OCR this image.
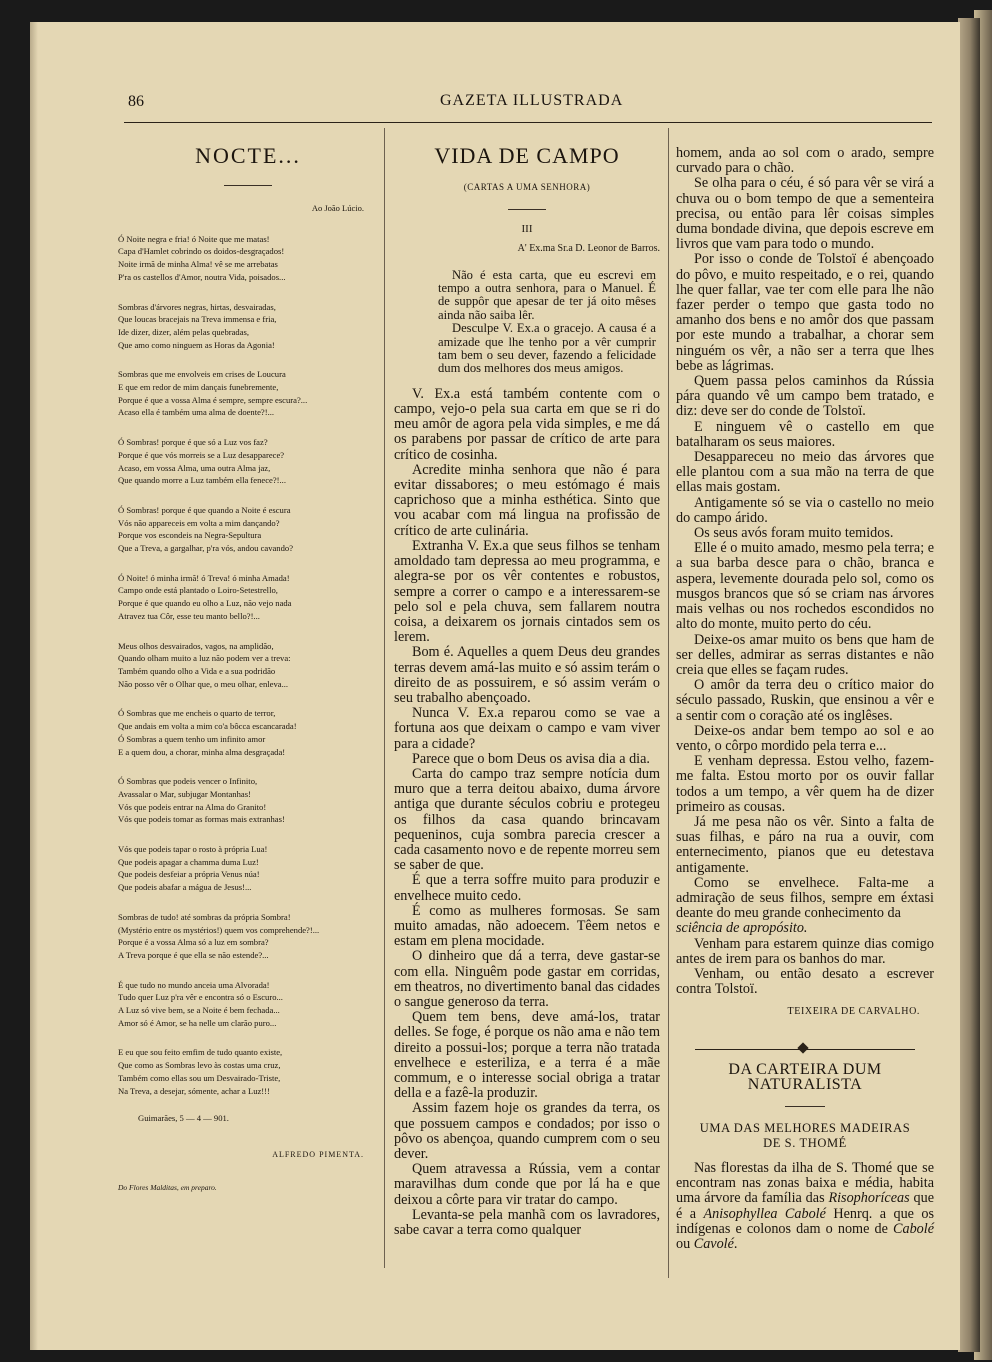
86	GAZETA ILLUSTRADA
NOCTE...
Ao João Lúcio.
Ó Noite negra e fria! ó Noite que me matas!
Capa d'Hamlet cobrindo os doidos-desgraçados!
Noite irmã de minha Alma! vê se me arrebatas
P'ra os castellos d'Amor, noutra Vida, poisados...
Sombras d'árvores negras, hirtas, desvairadas,
Que loucas bracejais na Treva immensa e fria,
Ide dizer, dizer, além pelas quebradas,
Que amo como ninguem as Horas da Agonia!
Sombras que me envolveis em crises de Loucura
E que em redor de mim dançais funebremente,
Porque é que a vossa Alma é sempre, sempre escura?...
Acaso ella é também uma alma de doente?!...
Ó Sombras! porque é que só a Luz vos faz?
Porque é que vós morreis se a Luz desapparece?
Acaso, em vossa Alma, uma outra Alma jaz,
Que quando morre a Luz também ella fenece?!...
Ó Sombras! porque é que quando a Noite é escura
Vós não appareceis em volta a mim dançando?
Porque vos escondeis na Negra-Sepultura
Que a Treva, a gargalhar, p'ra vós, andou cavando?
Ó Noite! ó minha irmã! ó Treva! ó minha Amada!
Campo onde está plantado o Loiro-Setestrello,
Porque é que quando eu olho a Luz, não vejo nada
Atravez tua Côr, esse teu manto bello?!...
Meus olhos desvairados, vagos, na amplidão,
Quando olham muito a luz não podem ver a treva:
Também quando olho a Vida e a sua podridão
Não posso vêr o Olhar que, o meu olhar, enleva...
Ó Sombras que me encheis o quarto de terror,
Que andais em volta a mim co'a bôcca escancarada!
Ó Sombras a quem tenho um infinito amor
E a quem dou, a chorar, minha alma desgraçada!
Ó Sombras que podeis vencer o Infinito,
Avassalar o Mar, subjugar Montanhas!
Vós que podeis entrar na Alma do Granito!
Vós que podeis tomar as formas mais extranhas!
Vós que podeis tapar o rosto à própria Lua!
Que podeis apagar a chamma duma Luz!
Que podeis desfeiar a própria Venus núa!
Que podeis abafar a mágua de Jesus!...
Sombras de tudo! até sombras da própria Sombra!
(Mystério entre os mystérios!) quem vos comprehende?!...
Porque é a vossa Alma só a luz em sombra?
A Treva porque é que ella se não estende?...
É que tudo no mundo anceia uma Alvorada!
Tudo quer Luz p'ra vêr e encontra só o Escuro...
A Luz só vive bem, se a Noite é bem fechada...
Amor só é Amor, se ha nelle um clarão puro...
E eu que sou feito emfim de tudo quanto existe,
Que como as Sombras levo às costas uma cruz,
Também como ellas sou um Desvairado-Triste,
Na Treva, a desejar, sómente, achar a Luz!!!
Guimarães, 5 — 4 — 901.
ALFREDO PIMENTA.
Do Flores Malditas, em preparo.
VIDA DE CAMPO
(CARTAS A UMA SENHORA)
III
A' Ex.ma Sr.a D. Leonor de Barros.

Não é esta carta, que eu escrevi em tempo a outra senhora, para o Manuel. É de suppôr que apesar de ter já oito mêses ainda não saiba lêr.

Desculpe V. Ex.a o gracejo. A causa é a amizade que lhe tenho por a vêr cumprir tam bem o seu dever, fazendo a felicidade dum dos melhores dos meus amigos.

V. Ex.a está também contente com o campo, vejo-o pela sua carta em que se ri do meu amôr de agora pela vida simples, e me dá os parabens por passar de crítico de arte para crítico de cosinha.

Acredite minha senhora que não é para evitar dissabores; o meu estómago é mais caprichoso que a minha esthética. Sinto que vou acabar com má lingua na profissão de crítico de arte culinária.

Extranha V. Ex.a que seus filhos se tenham amoldado tam depressa ao meu programma, e alegra-se por os vêr contentes e robustos, sempre a correr o campo e a interessarem-se pelo sol e pela chuva, sem fallarem noutra coisa, a deixarem os jornais cintados sem os lerem.

Bom é. Aquelles a quem Deus deu grandes terras devem amá-las muito e só assim terám o direito de as possuirem, e só assim verám o seu trabalho abençoado.

Nunca V. Ex.a reparou como se vae a fortuna aos que deixam o campo e vam viver para a cidade?

Parece que o bom Deus os avisa dia a dia.

Carta do campo traz sempre notícia dum muro que a terra deitou abaixo, duma árvore antiga que durante séculos cobriu e protegeu os filhos da casa quando brincavam pequeninos, cuja sombra parecia crescer a cada casamento novo e de repente morreu sem se saber de que.

É que a terra soffre muito para produzir e envelhece muito cedo.

É como as mulheres formosas. Se sam muito amadas, não adoecem. Têem netos e estam em plena mocidade.

O dinheiro que dá a terra, deve gastar-se com ella. Ninguêm pode gastar em corridas, em theatros, no divertimento banal das cidades o sangue generoso da terra.

Quem tem bens, deve amá-los, tratar delles. Se foge, é porque os não ama e não tem direito a possui-los; porque a terra não tratada envelhece e esteriliza, e a terra é a mãe commum, e o interesse social obriga a tratar della e a fazê-la produzir.

Assim fazem hoje os grandes da terra, os que possuem campos e condados; por isso o pôvo os abençoa, quando cumprem com o seu dever.

Quem atravessa a Rússia, vem a contar maravilhas dum conde que por lá ha e que deixou a côrte para vir tratar do campo.

Levanta-se pela manhã com os lavradores, sabe cavar a terra como qualquer

homem, anda ao sol com o arado, sempre curvado para o chão.

Se olha para o céu, é só para vêr se virá a chuva ou o bom tempo de que a sementeira precisa, ou então para lêr coisas simples duma bondade divina, que depois escreve em livros que vam para todo o mundo.

Por isso o conde de Tolstoï é abençoado do pôvo, e muito respeitado, e o rei, quando lhe quer fallar, vae ter com elle para lhe não fazer perder o tempo que gasta todo no amanho dos bens e no amôr dos que passam por este mundo a trabalhar, a chorar sem ninguém os vêr, a não ser a terra que lhes bebe as lágrimas.

Quem passa pelos caminhos da Rússia pára quando vê um campo bem tratado, e diz: deve ser do conde de Tolstoï.

E ninguem vê o castello em que batalharam os seus maiores.

Desappareceu no meio das árvores que elle plantou com a sua mão na terra de que ellas mais gostam.

Antigamente só se via o castello no meio do campo árido.

Os seus avós foram muito temidos.

Elle é o muito amado, mesmo pela terra; e a sua barba desce para o chão, branca e aspera, levemente dourada pelo sol, como os musgos brancos que só se criam nas árvores mais velhas ou nos rochedos escondidos no alto do monte, muito perto do céu.

Deixe-os amar muito os bens que ham de ser delles, admirar as serras distantes e não creia que elles se façam rudes.

O amôr da terra deu o crítico maior do século passado, Ruskin, que ensinou a vêr e a sentir com o coração até os inglêses.

Deixe-os andar bem tempo ao sol e ao vento, o côrpo mordido pela terra e...

E venham depressa. Estou velho, fazem-me falta. Estou morto por os ouvir fallar todos a um tempo, a vêr quem ha de dizer primeiro as cousas.

Já me pesa não os vêr. Sinto a falta de suas filhas, e páro na rua a ouvir, com enternecimento, pianos que eu detestava antigamente.

Como se envelhece. Falta-me a admiração de seus filhos, sempre em éxtasi deante do meu grande conhecimento da

sciência de apropósito.

Venham para estarem quinze dias comigo antes de irem para os banhos do mar.

Venham, ou então desato a escrever contra Tolstoï.

TEIXEIRA DE CARVALHO.
DA CARTEIRA DUM NATURALISTA
UMA DAS MELHORES MADEIRAS
DE S. THOMÉ

Nas florestas da ilha de S. Thomé que se encontram nas zonas baixa e média, habita uma árvore da família das Risophoríceas que é a Anisophyllea Cabolé Henrq. a que os indígenas e colonos dam o nome de Cabolé ou Cavolé.
